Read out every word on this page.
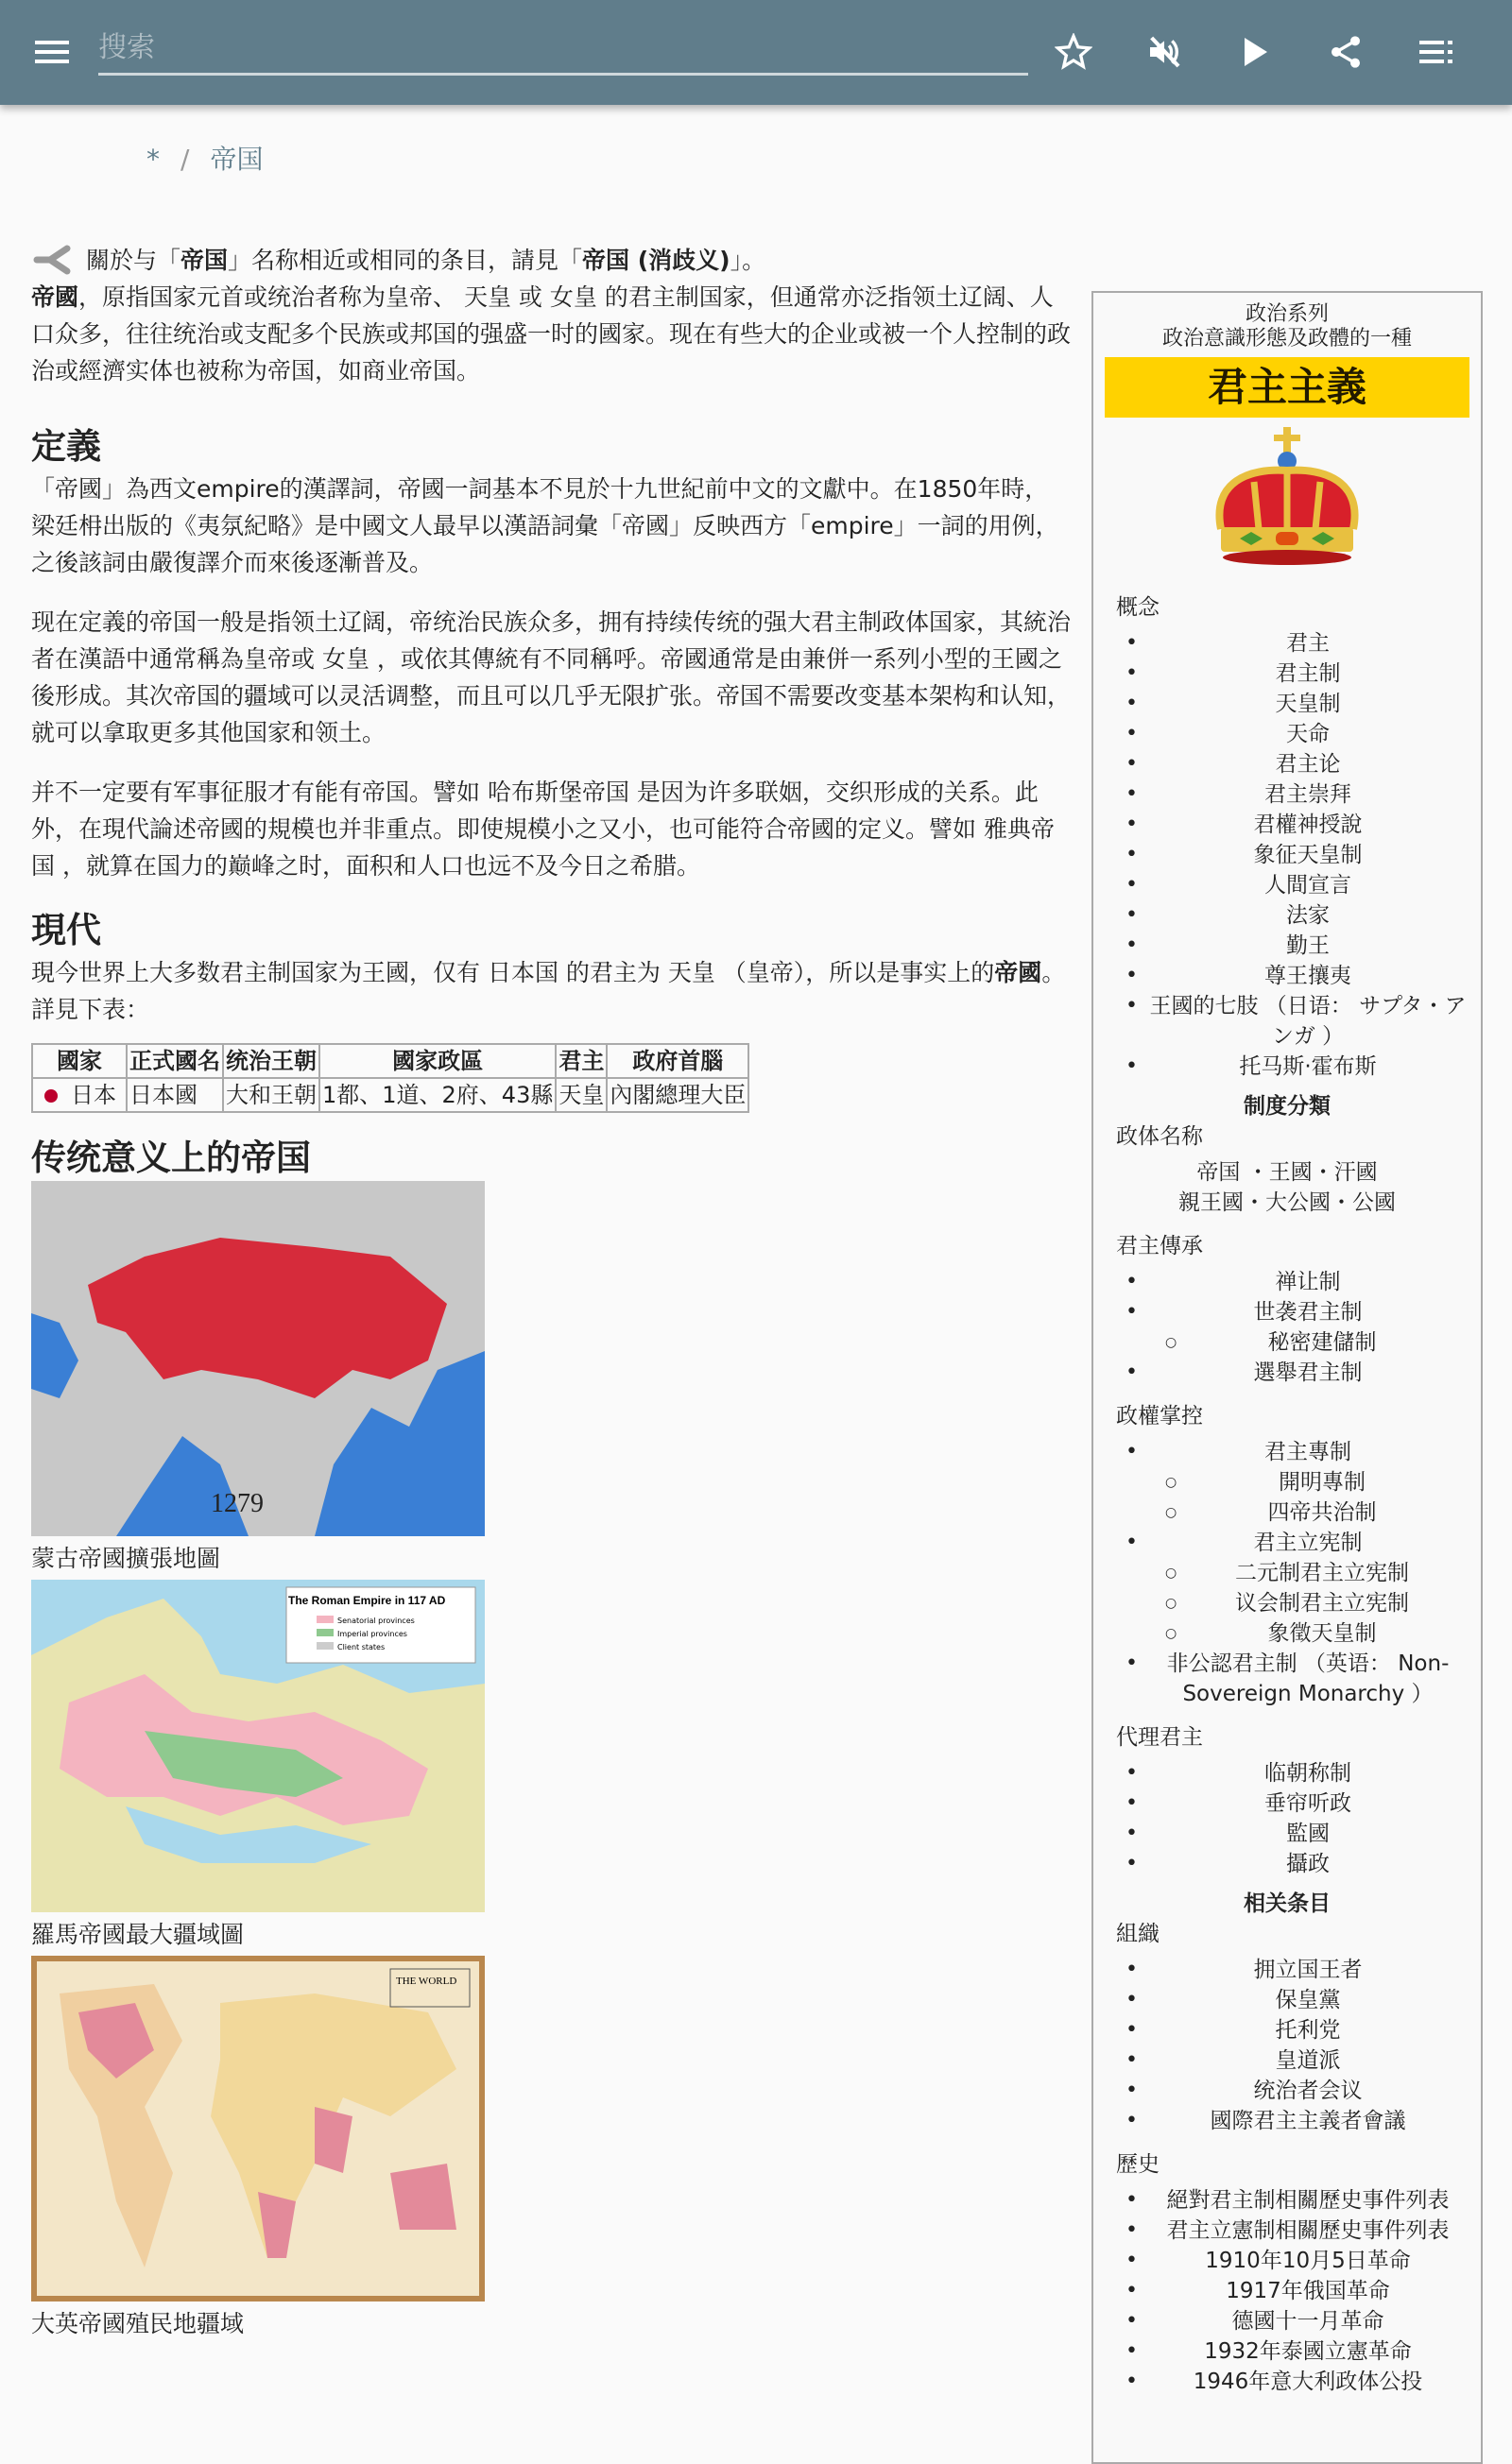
搜索
* / 帝国
關於与「帝国」名称相近或相同的条目，請見「帝国 (消歧义)」。

帝國，原指国家元首或统治者称为皇帝、 天皇 或 女皇 的君主制国家，但通常亦泛指领土辽阔、人口众多，往往统治或支配多个民族或邦国的强盛一时的國家。现在有些大的企业或被一个人控制的政治或經濟实体也被称为帝国，如商业帝国。

定義

「帝國」為西文empire的漢譯詞，帝國一詞基本不見於十九世紀前中文的文獻中。在1850年時，梁廷枏出版的《夷氛紀略》是中國文人最早以漢語詞彙「帝國」反映西方「empire」一詞的用例，之後該詞由嚴復譯介而來後逐漸普及。

现在定義的帝国一般是指领土辽阔，帝统治民族众多，拥有持续传统的强大君主制政体国家，其統治者在漢語中通常稱為皇帝或 女皇 ，或依其傳統有不同稱呼。帝國通常是由兼併一系列小型的王國之後形成。其次帝国的疆域可以灵活调整，而且可以几乎无限扩张。帝国不需要改变基本架构和认知，就可以拿取更多其他国家和领土。

并不一定要有军事征服才有能有帝国。譬如 哈布斯堡帝国 是因为许多联姻，交织形成的关系。此外，在現代論述帝國的規模也并非重点。即使規模小之又小，也可能符合帝國的定义。譬如 雅典帝国 ，就算在国力的巅峰之时，面积和人口也远不及今日之希腊。

現代

現今世界上大多数君主制国家为王國，仅有 日本国 的君主为 天皇 （皇帝），所以是事实上的帝國。詳見下表：

國家	正式國名	统治王朝	國家政區	君主	政府首腦
日本	日本國	大和王朝	1都、1道、2府、43縣	天皇	內閣總理大臣
传统意义上的帝国
1279
蒙古帝國擴張地圖
The Roman Empire in 117 AD
Senatorial provinces
Imperial provinces
Client states
羅馬帝國最大疆域圖
THE WORLD
大英帝國殖民地疆域
政治系列
政治意識形態及政體的一種
君主主義
概念
• 君主
• 君主制
• 天皇制
• 天命
• 君主论
• 君主崇拜
• 君權神授說
• 象征天皇制
• 人間宣言
• 法家
• 勤王
• 尊王攘夷
• 王國的七肢 （日语： サプタ・アンガ ）
• 托马斯·霍布斯
制度分類
政体名称
帝国 ・王國・汗國
親王國・大公國・公國
君主傳承
• 禅让制
• 世袭君主制
○ 秘密建儲制
• 選舉君主制
政權掌控
• 君主專制
○ 開明專制
○ 四帝共治制
• 君主立宪制
○ 二元制君主立宪制
○ 议会制君主立宪制
○ 象徵天皇制
• 非公認君主制 （英语： Non-Sovereign Monarchy ）
代理君主
• 临朝称制
• 垂帘听政
• 監國
• 攝政
相关条目
組織
• 拥立国王者
• 保皇黨
• 托利党
• 皇道派
• 统治者会议
• 國際君主主義者會議
歷史
• 絕對君主制相關歷史事件列表
• 君主立憲制相關歷史事件列表
• 1910年10月5日革命
• 1917年俄国革命
• 德國十一月革命
• 1932年泰國立憲革命
• 1946年意大利政体公投
